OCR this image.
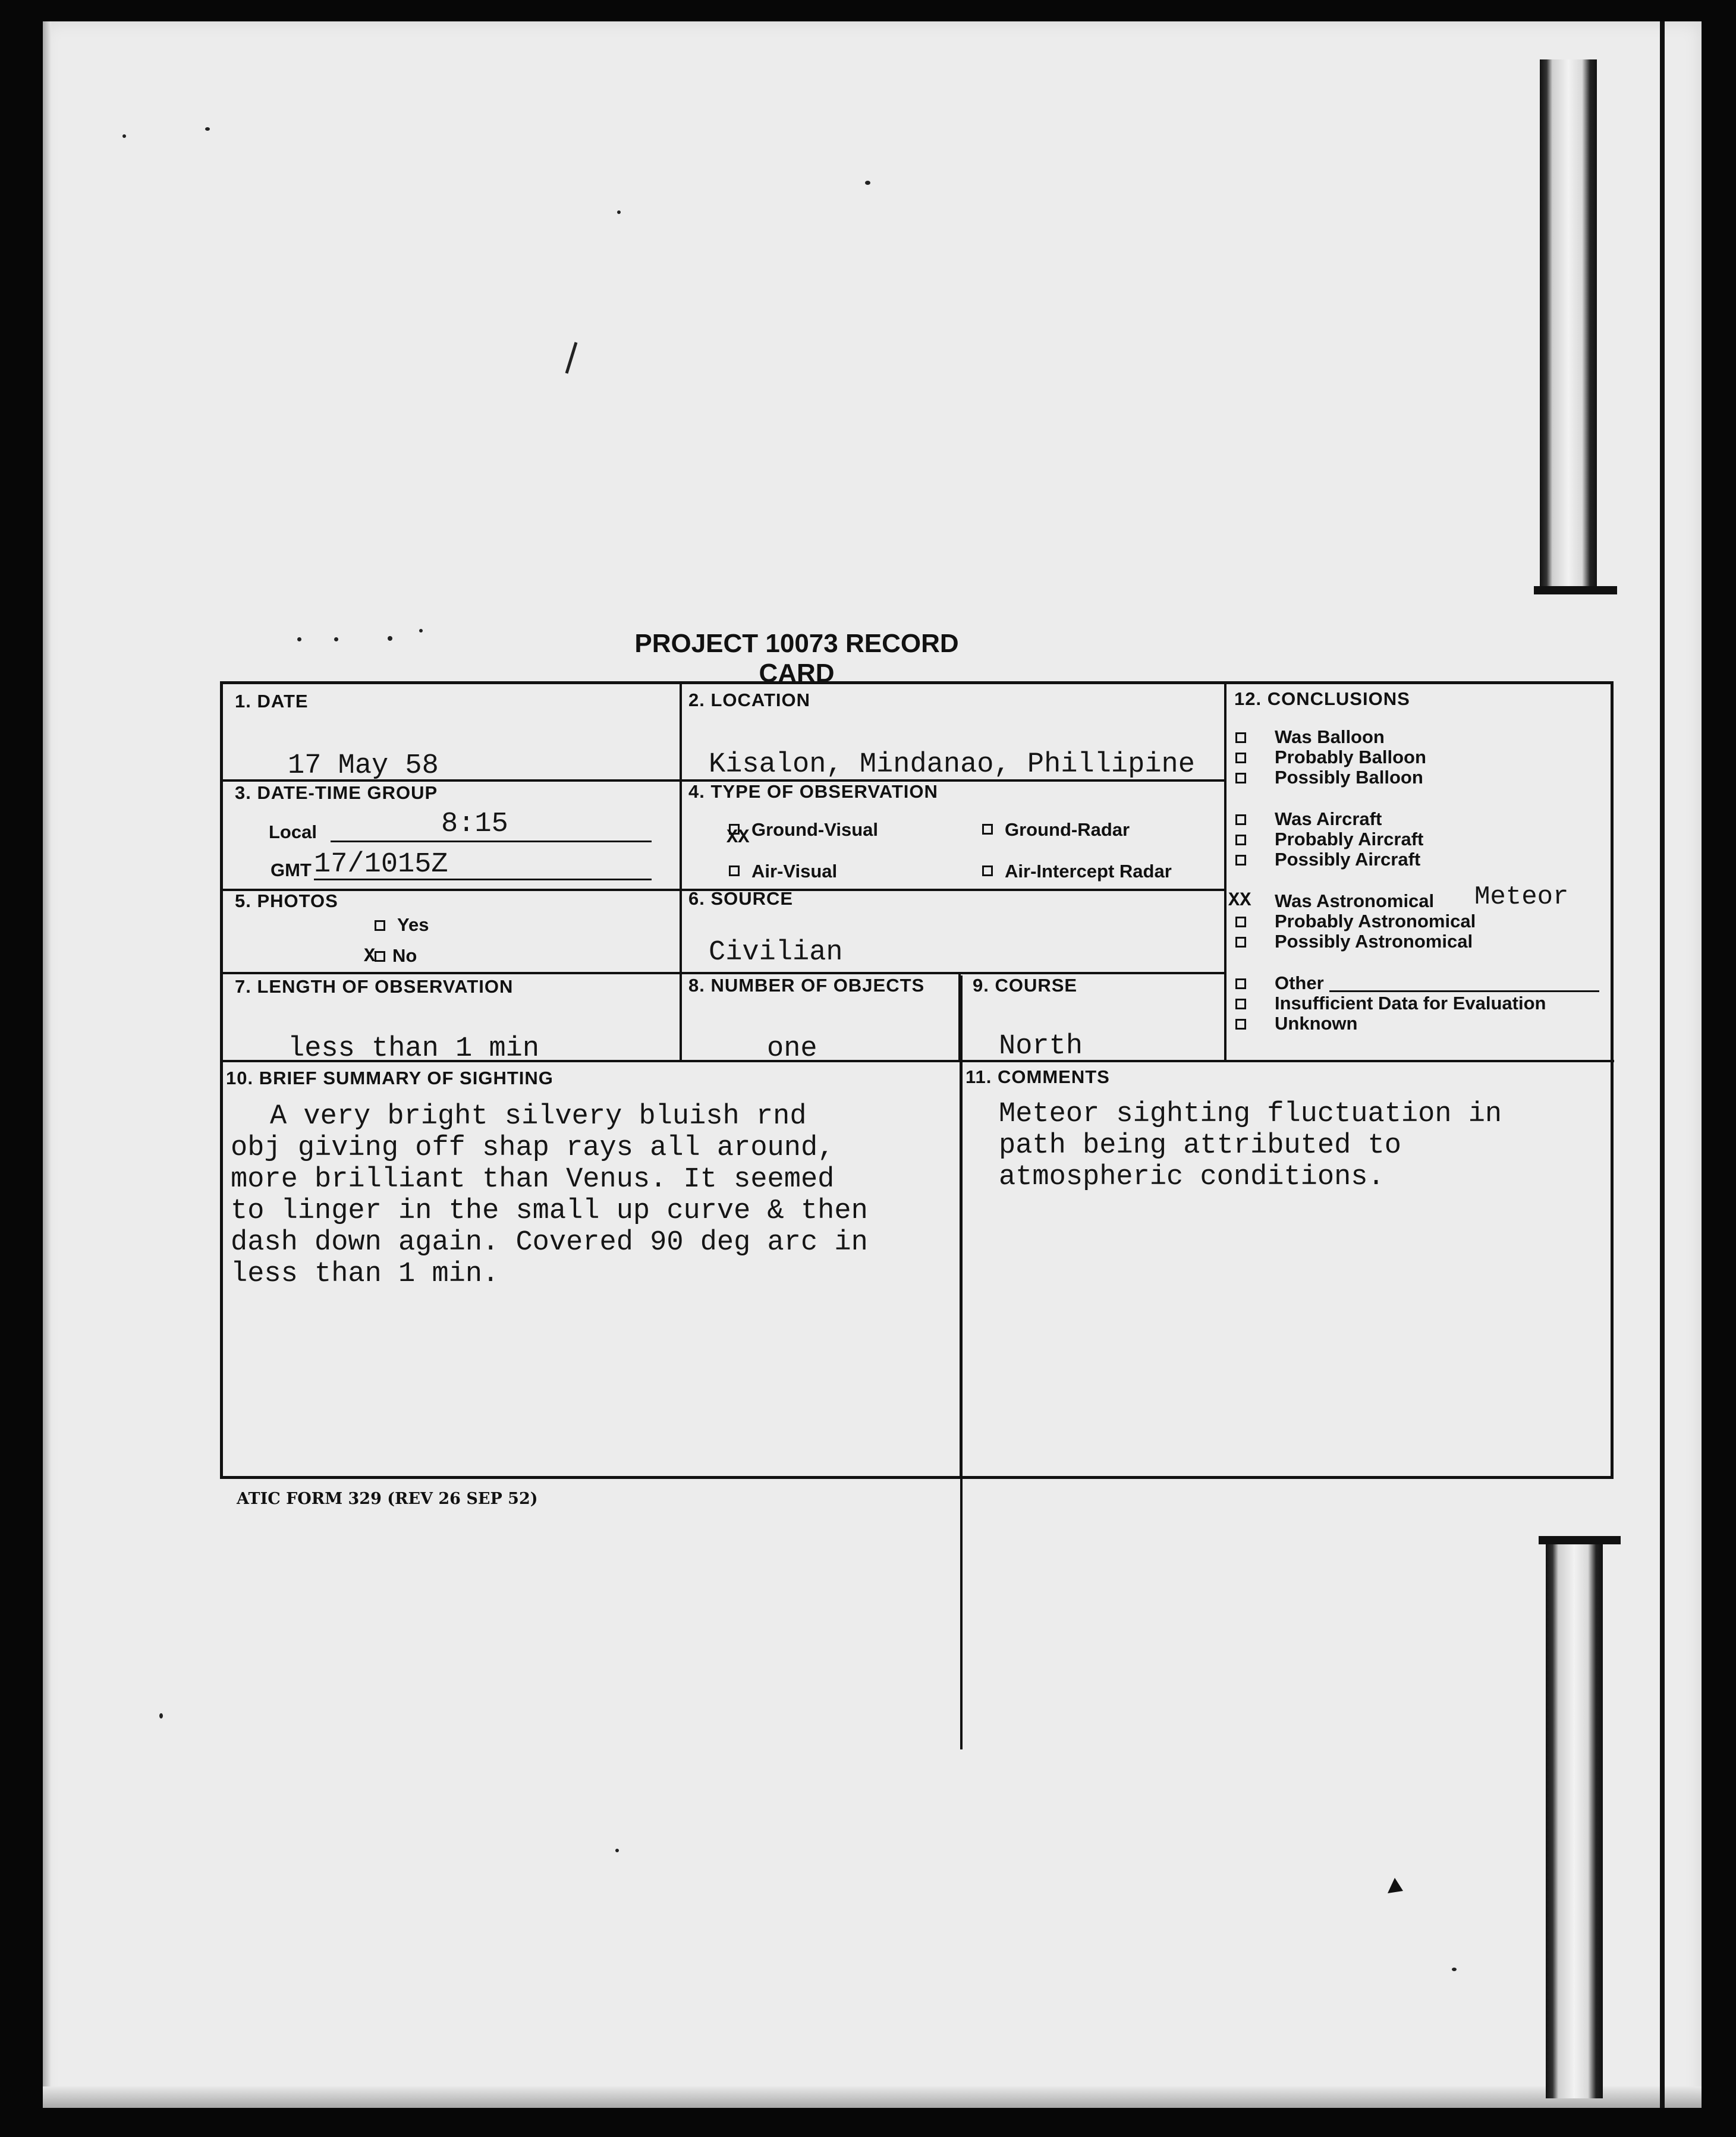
PROJECT 10073 RECORD CARD
1. DATE
17 May 58
2. LOCATION
Kisalon, Mindanao, Phillipine
3. DATE-TIME GROUP
Local	8:15
GMT 17/1015Z
4. TYPE OF OBSERVATION
XX Ground-Visual	Ground-Radar
Air-Visual	Air-Intercept Radar
5. PHOTOS
Yes
X No
6. SOURCE
Civilian
7. LENGTH OF OBSERVATION
less than 1 min
8. NUMBER OF OBJECTS
one
9. COURSE
North
10. BRIEF SUMMARY OF SIGHTING
A very bright silvery bluish rnd
obj giving off shap rays all around,
more brilliant than Venus. It seemed
to linger in the small up curve & then
dash down again. Covered 90 deg arc in
less than 1 min.
11. COMMENTS
Meteor sighting fluctuation in
path being attributed to
atmospheric conditions.
12. CONCLUSIONS
Was Balloon
Probably Balloon
Possibly Balloon
Was Aircraft
Probably Aircraft
Possibly Aircraft
XX Was Astronomical Meteor
Probably Astronomical
Possibly Astronomical
Other
Insufficient Data for Evaluation
Unknown
ATIC FORM 329 (REV 26 SEP 52)
